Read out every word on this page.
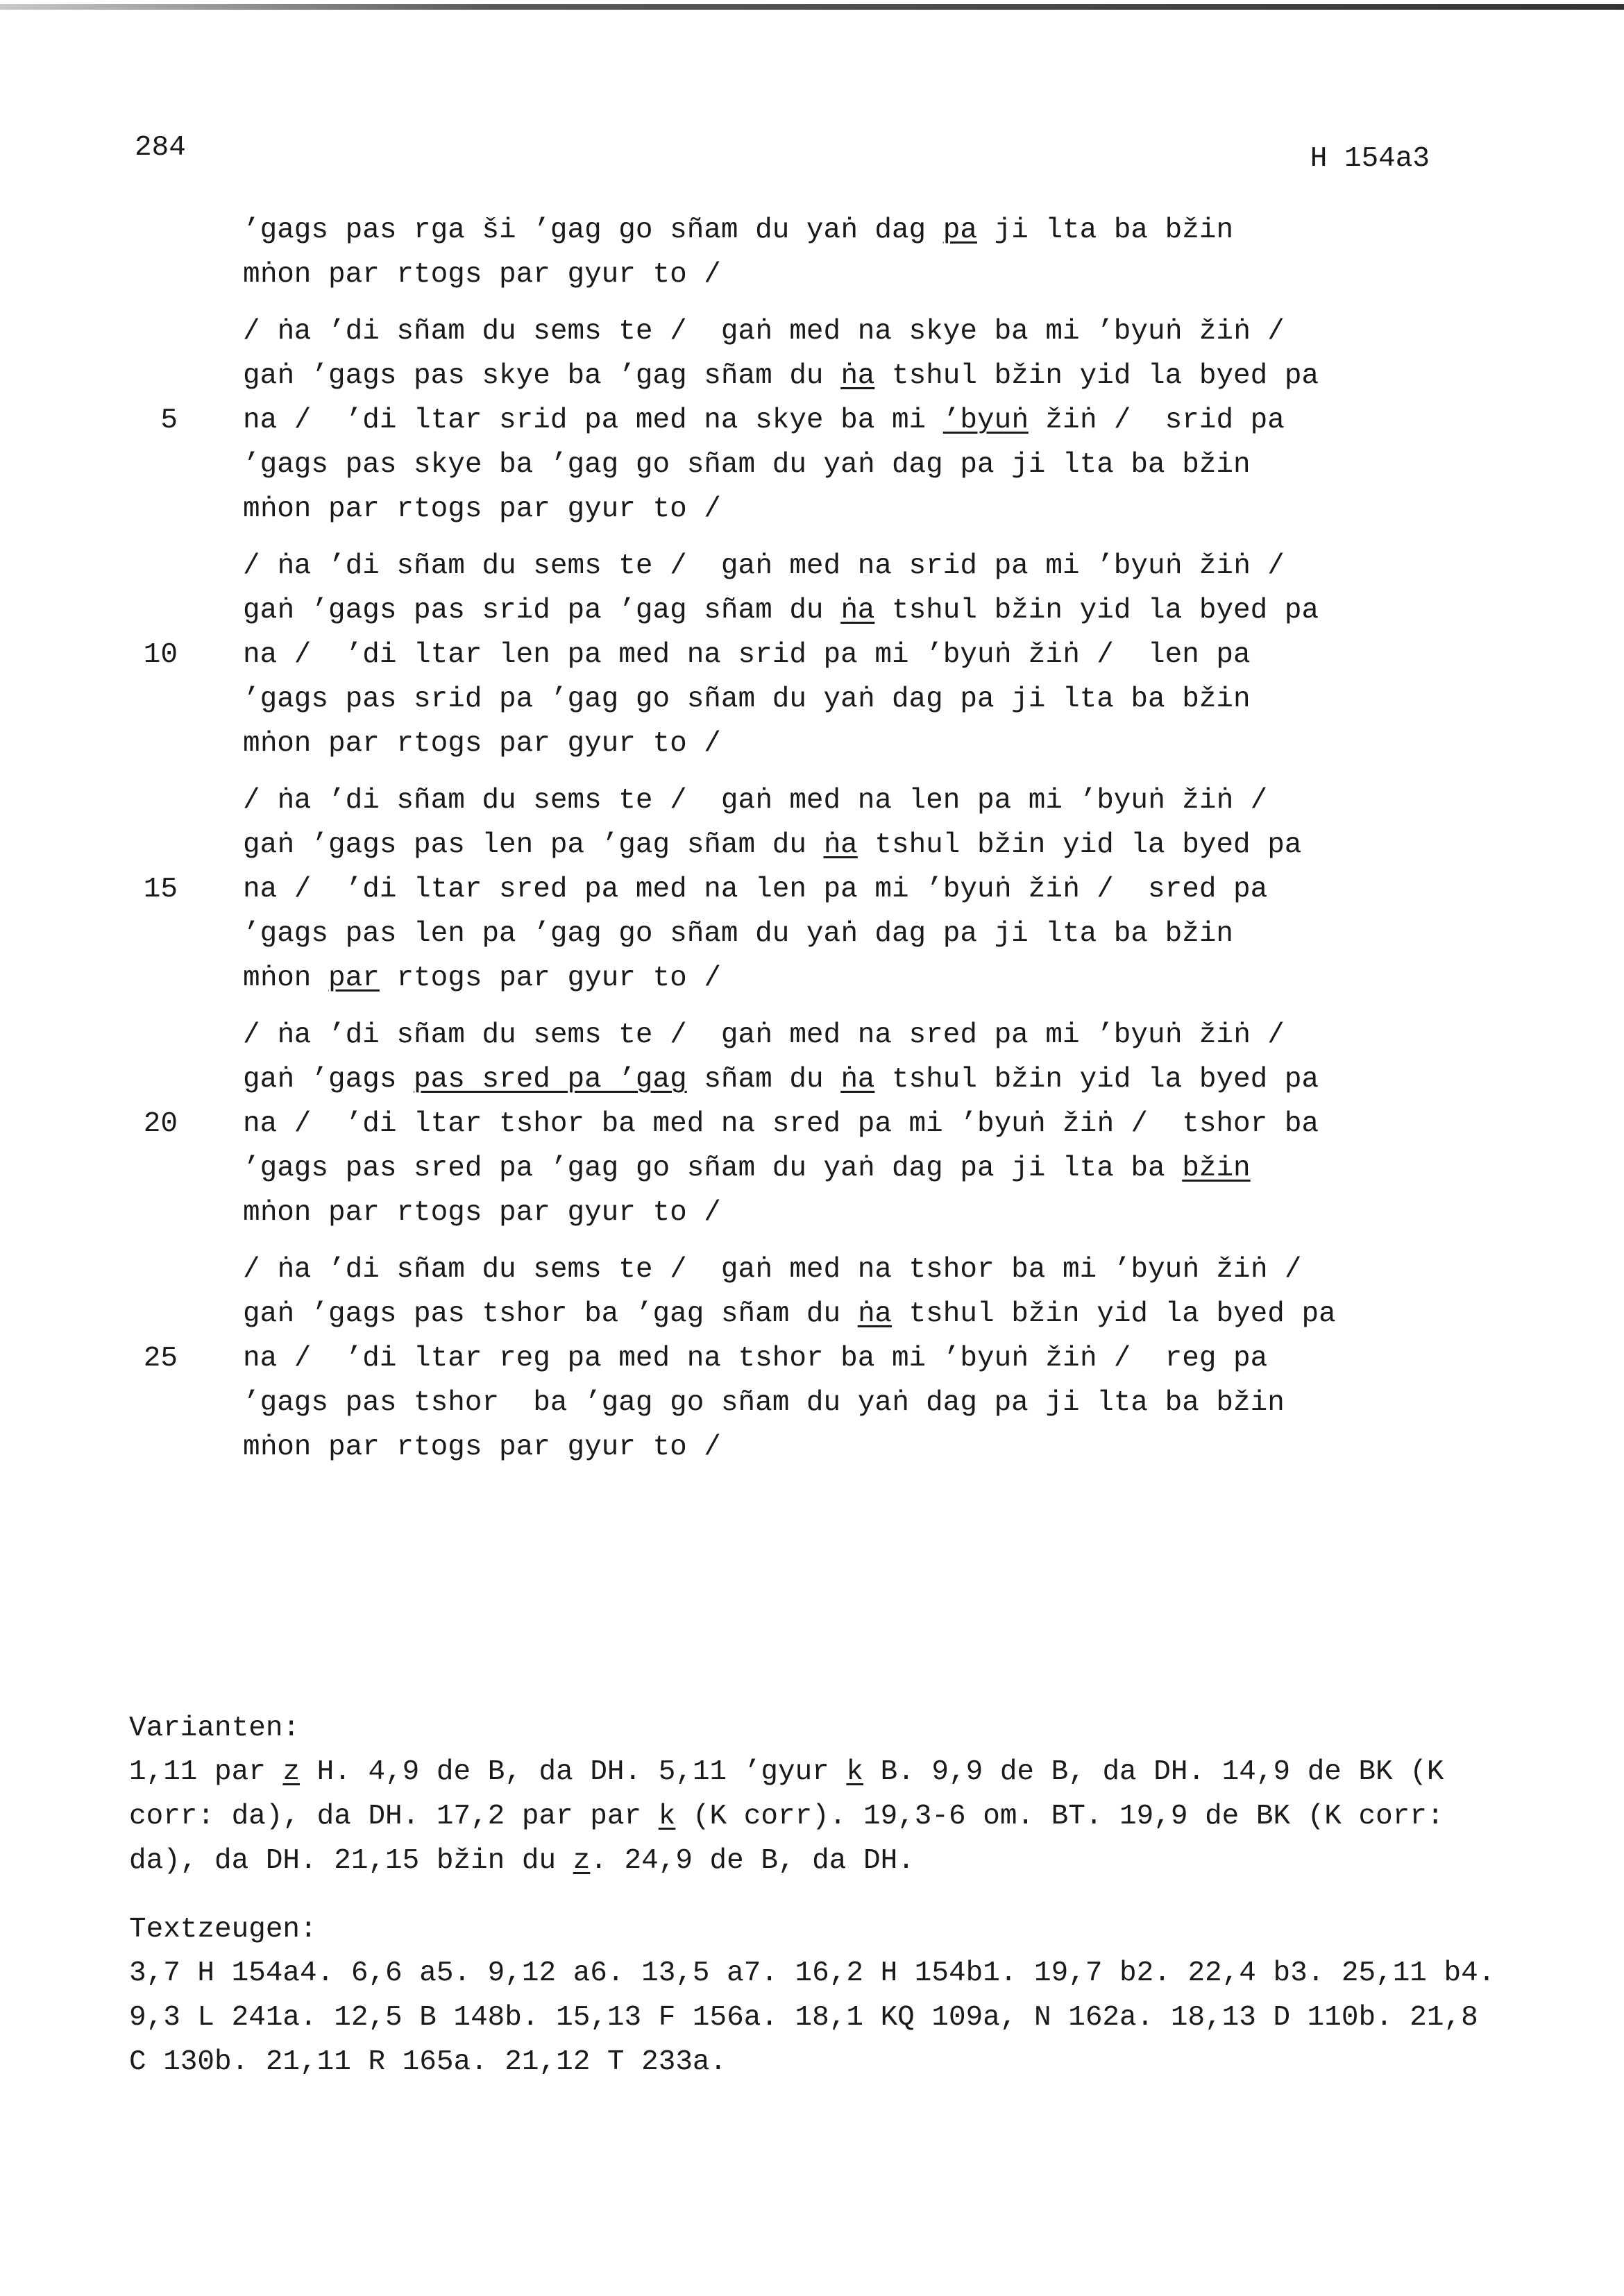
284	H 154a3
’gags pas rga ši ’gag go sñam du yaṅ dag pa ji lta ba bžin
mṅon par rtogs par gyur to /
/ ṅa ’di sñam du sems te /  gaṅ med na skye ba mi ’byuṅ žiṅ /
gaṅ ’gags pas skye ba ’gag sñam du ṅa tshul bžin yid la byed pa
5 na /  ’di ltar srid pa med na skye ba mi ’byuṅ žiṅ /  srid pa
’gags pas skye ba ’gag go sñam du yaṅ dag pa ji lta ba bžin
mṅon par rtogs par gyur to /
/ ṅa ’di sñam du sems te /  gaṅ med na srid pa mi ’byuṅ žiṅ /
gaṅ ’gags pas srid pa ’gag sñam du ṅa tshul bžin yid la byed pa
10 na /  ’di ltar len pa med na srid pa mi ’byuṅ žiṅ /  len pa
’gags pas srid pa ’gag go sñam du yaṅ dag pa ji lta ba bžin
mṅon par rtogs par gyur to /
/ ṅa ’di sñam du sems te /  gaṅ med na len pa mi ’byuṅ žiṅ /
gaṅ ’gags pas len pa ’gag sñam du ṅa tshul bžin yid la byed pa
15 na /  ’di ltar sred pa med na len pa mi ’byuṅ žiṅ /  sred pa
’gags pas len pa ’gag go sñam du yaṅ dag pa ji lta ba bžin
mṅon par rtogs par gyur to /
/ ṅa ’di sñam du sems te /  gaṅ med na sred pa mi ’byuṅ žiṅ /
gaṅ ’gags pas sred pa ’gag sñam du ṅa tshul bžin yid la byed pa
20 na /  ’di ltar tshor ba med na sred pa mi ’byuṅ žiṅ /  tshor ba
’gags pas sred pa ’gag go sñam du yaṅ dag pa ji lta ba bžin
mṅon par rtogs par gyur to /
/ ṅa ’di sñam du sems te /  gaṅ med na tshor ba mi ’byuṅ žiṅ /
gaṅ ’gags pas tshor ba ’gag sñam du ṅa tshul bžin yid la byed pa
25 na /  ’di ltar reg pa med na tshor ba mi ’byuṅ žiṅ /  reg pa
’gags pas tshor  ba ’gag go sñam du yaṅ dag pa ji lta ba bžin
mṅon par rtogs par gyur to /

Varianten:

1,11 par z H. 4,9 de B, da DH. 5,11 ’gyur k B. 9,9 de B, da DH. 14,9 de BK (K corr: da), da DH. 17,2 par par k (K corr). 19,3-6 om. BT. 19,9 de BK (K corr: da), da DH. 21,15 bžin du z. 24,9 de B, da DH.

Textzeugen:

3,7 H 154a4. 6,6 a5. 9,12 a6. 13,5 a7. 16,2 H 154b1. 19,7 b2. 22,4 b3. 25,11 b4.

9,3 L 241a. 12,5 B 148b. 15,13 F 156a. 18,1 KQ 109a, N 162a. 18,13 D 110b. 21,8 C 130b. 21,11 R 165a. 21,12 T 233a.
